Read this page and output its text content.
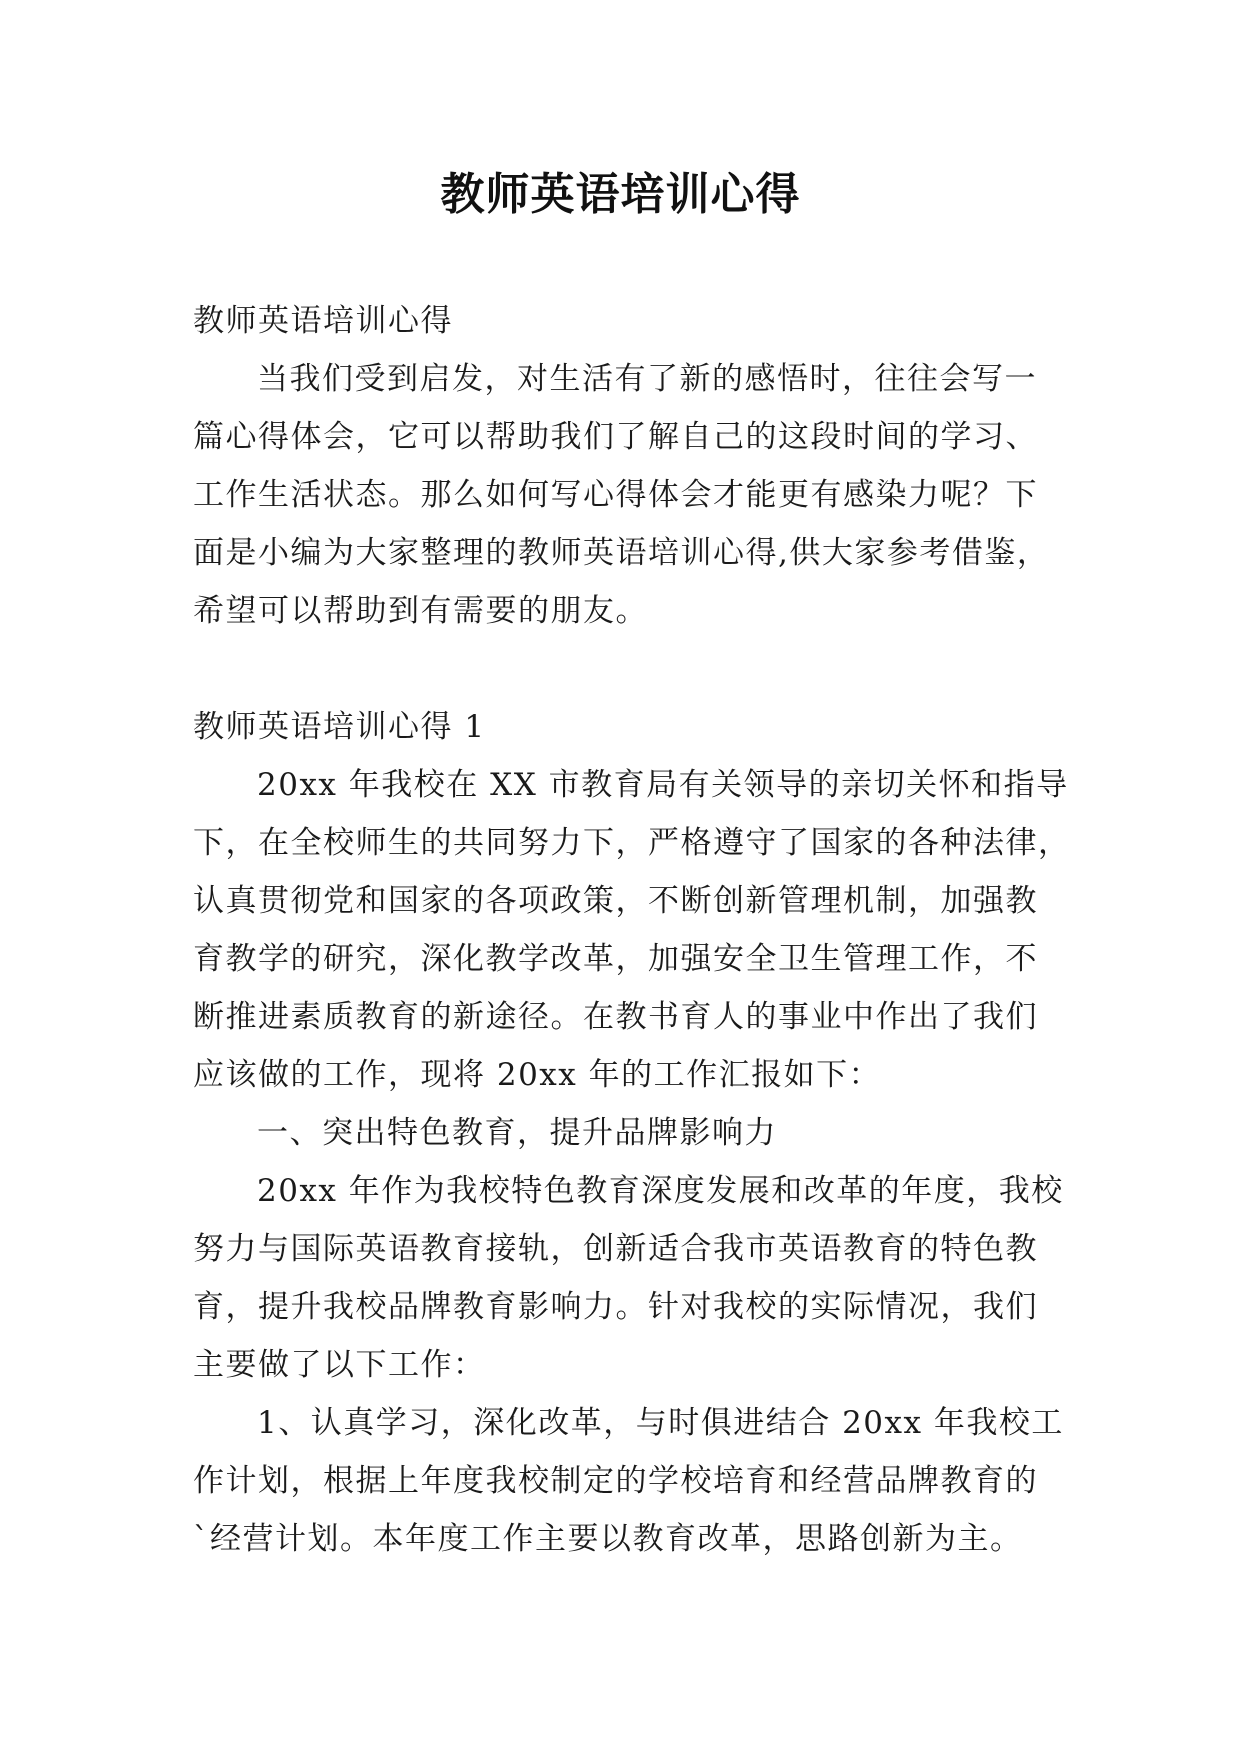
教师英语培训心得
教师英语培训心得
当我们受到启发，对生活有了新的感悟时，往往会写一
篇心得体会，它可以帮助我们了解自己的这段时间的学习、
工作生活状态。那么如何写心得体会才能更有感染力呢？下
面是小编为大家整理的教师英语培训心得,供大家参考借鉴，
希望可以帮助到有需要的朋友。
教师英语培训心得 1
20xx 年我校在 XX 市教育局有关领导的亲切关怀和指导
下，在全校师生的共同努力下，严格遵守了国家的各种法律，
认真贯彻党和国家的各项政策，不断创新管理机制，加强教
育教学的研究，深化教学改革，加强安全卫生管理工作，不
断推进素质教育的新途径。在教书育人的事业中作出了我们
应该做的工作，现将 20xx 年的工作汇报如下：
一、突出特色教育，提升品牌影响力
20xx 年作为我校特色教育深度发展和改革的年度，我校
努力与国际英语教育接轨，创新适合我市英语教育的特色教
育，提升我校品牌教育影响力。针对我校的实际情况，我们
主要做了以下工作：
1、认真学习，深化改革，与时俱进结合 20xx 年我校工
作计划，根据上年度我校制定的学校培育和经营品牌教育的
`经营计划。本年度工作主要以教育改革，思路创新为主。
